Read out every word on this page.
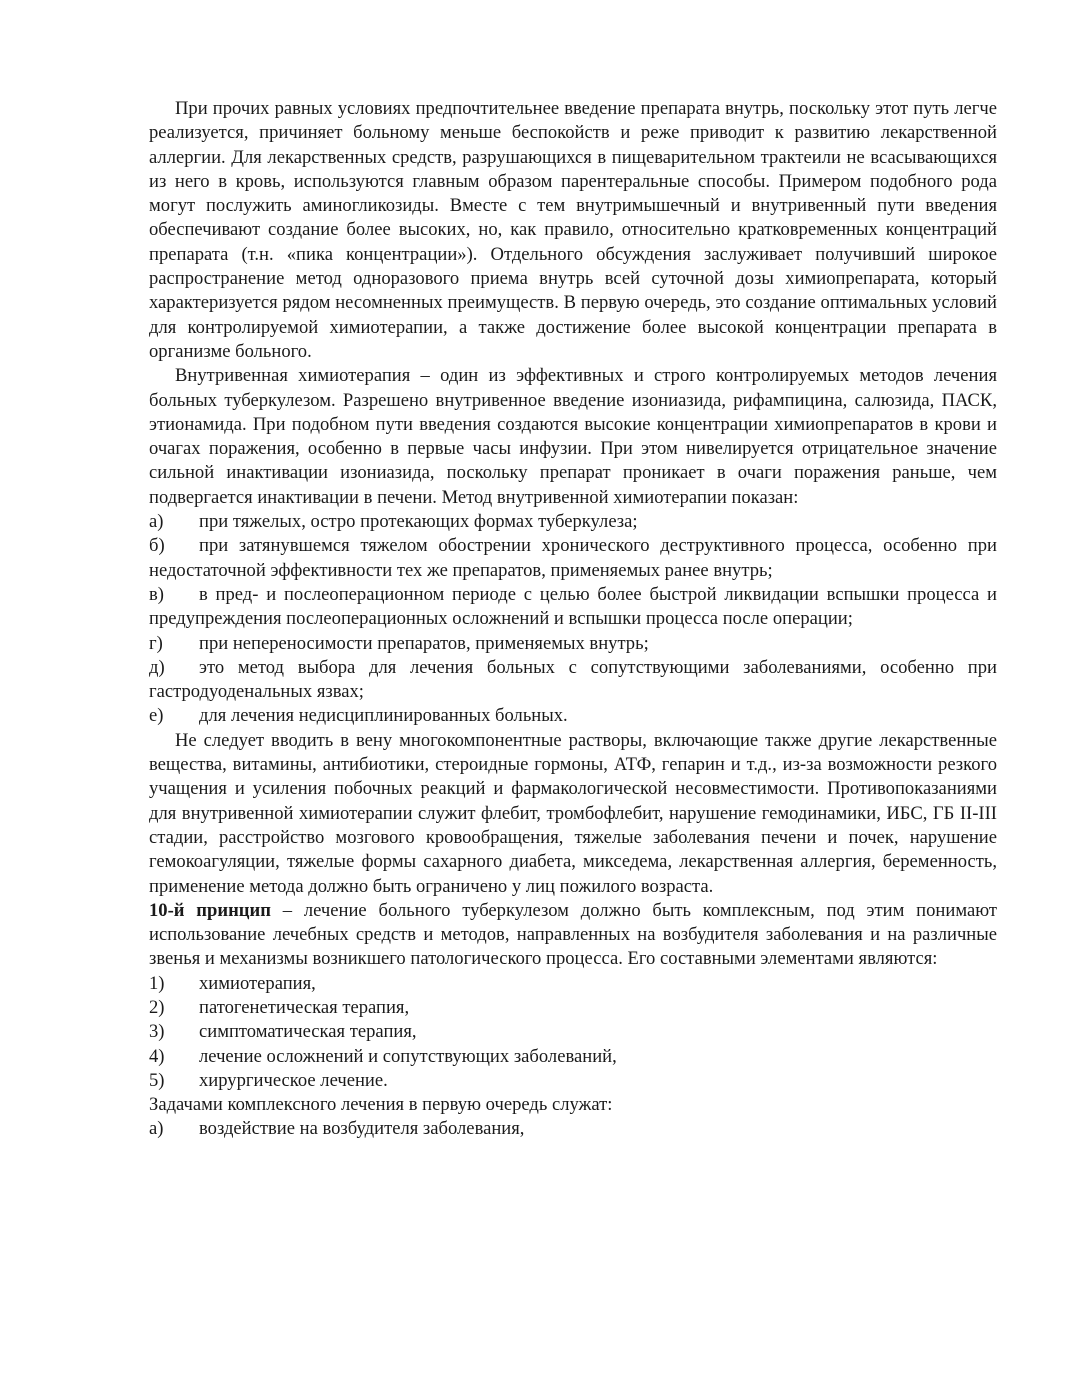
При прочих равных условиях предпочтительнее введение препарата внутрь, поскольку этот путь легче реализуется, причиняет больному меньше беспокойств и реже приводит к развитию лекарственной аллергии. Для лекарственных средств, разрушающихся в пищеварительном трактеили не всасывающихся из него в кровь, используются главным образом парентеральные способы. Примером подобного рода могут послужить аминогликозиды. Вместе с тем внутримышечный и внутривенный пути введения обеспечивают создание более высоких, но, как правило, относительно кратковременных концентраций препарата (т.н. «пика концентрации»). Отдельного обсуждения заслуживает получивший широкое распространение метод одноразового приема внутрь всей суточной дозы химиопрепарата, который характеризуется рядом несомненных преимуществ. В первую очередь, это создание оптимальных условий для контролируемой химиотерапии, а также достижение более высокой концентрации препарата в организме больного.

Внутривенная химиотерапия – один из эффективных и строго контролируемых методов лечения больных туберкулезом. Разрешено внутривенное введение изониазида, рифампицина, салюзида, ПАСК, этионамида. При подобном пути введения создаются высокие концентрации химиопрепаратов в крови и очагах поражения, особенно в первые часы инфузии. При этом нивелируется отрицательное значение сильной инактивации изониазида, поскольку препарат проникает в очаги поражения раньше, чем подвергается инактивации в печени. Метод внутривенной химиотерапии показан:

а) при тяжелых, остро протекающих формах туберкулеза;

б) при затянувшемся тяжелом обострении хронического деструктивного процесса, особенно при недостаточной эффективности тех же препаратов, применяемых ранее внутрь;

в) в пред- и послеоперационном периоде с целью более быстрой ликвидации вспышки процесса и предупреждения послеоперационных осложнений и вспышки процесса после операции;

г) при непереносимости препаратов, применяемых внутрь;

д) это метод выбора для лечения больных с сопутствующими заболеваниями, особенно при гастродуоденальных язвах;

е) для лечения недисциплинированных больных.

Не следует вводить в вену многокомпонентные растворы, включающие также другие лекарственные вещества, витамины, антибиотики, стероидные гормоны, АТФ, гепарин и т.д., из-за возможности резкого учащения и усиления побочных реакций и фармакологической несовместимости. Противопоказаниями для внутривенной химиотерапии служит флебит, тромбофлебит, нарушение гемодинамики, ИБС, ГБ II-III стадии, расстройство мозгового кровообращения, тяжелые заболевания печени и почек, нарушение гемокоагуляции, тяжелые формы сахарного диабета, микседема, лекарственная аллергия, беременность, применение метода должно быть ограничено у лиц пожилого возраста.

10-й принцип – лечение больного туберкулезом должно быть комплексным, под этим понимают использование лечебных средств и методов, направленных на возбудителя заболевания и на различные звенья и механизмы возникшего патологического процесса. Его составными элементами являются:

1) химиотерапия,

2) патогенетическая терапия,

3) симптоматическая терапия,

4) лечение осложнений и сопутствующих заболеваний,

5) хирургическое лечение.

Задачами комплексного лечения в первую очередь служат:

а) воздействие на возбудителя заболевания,
